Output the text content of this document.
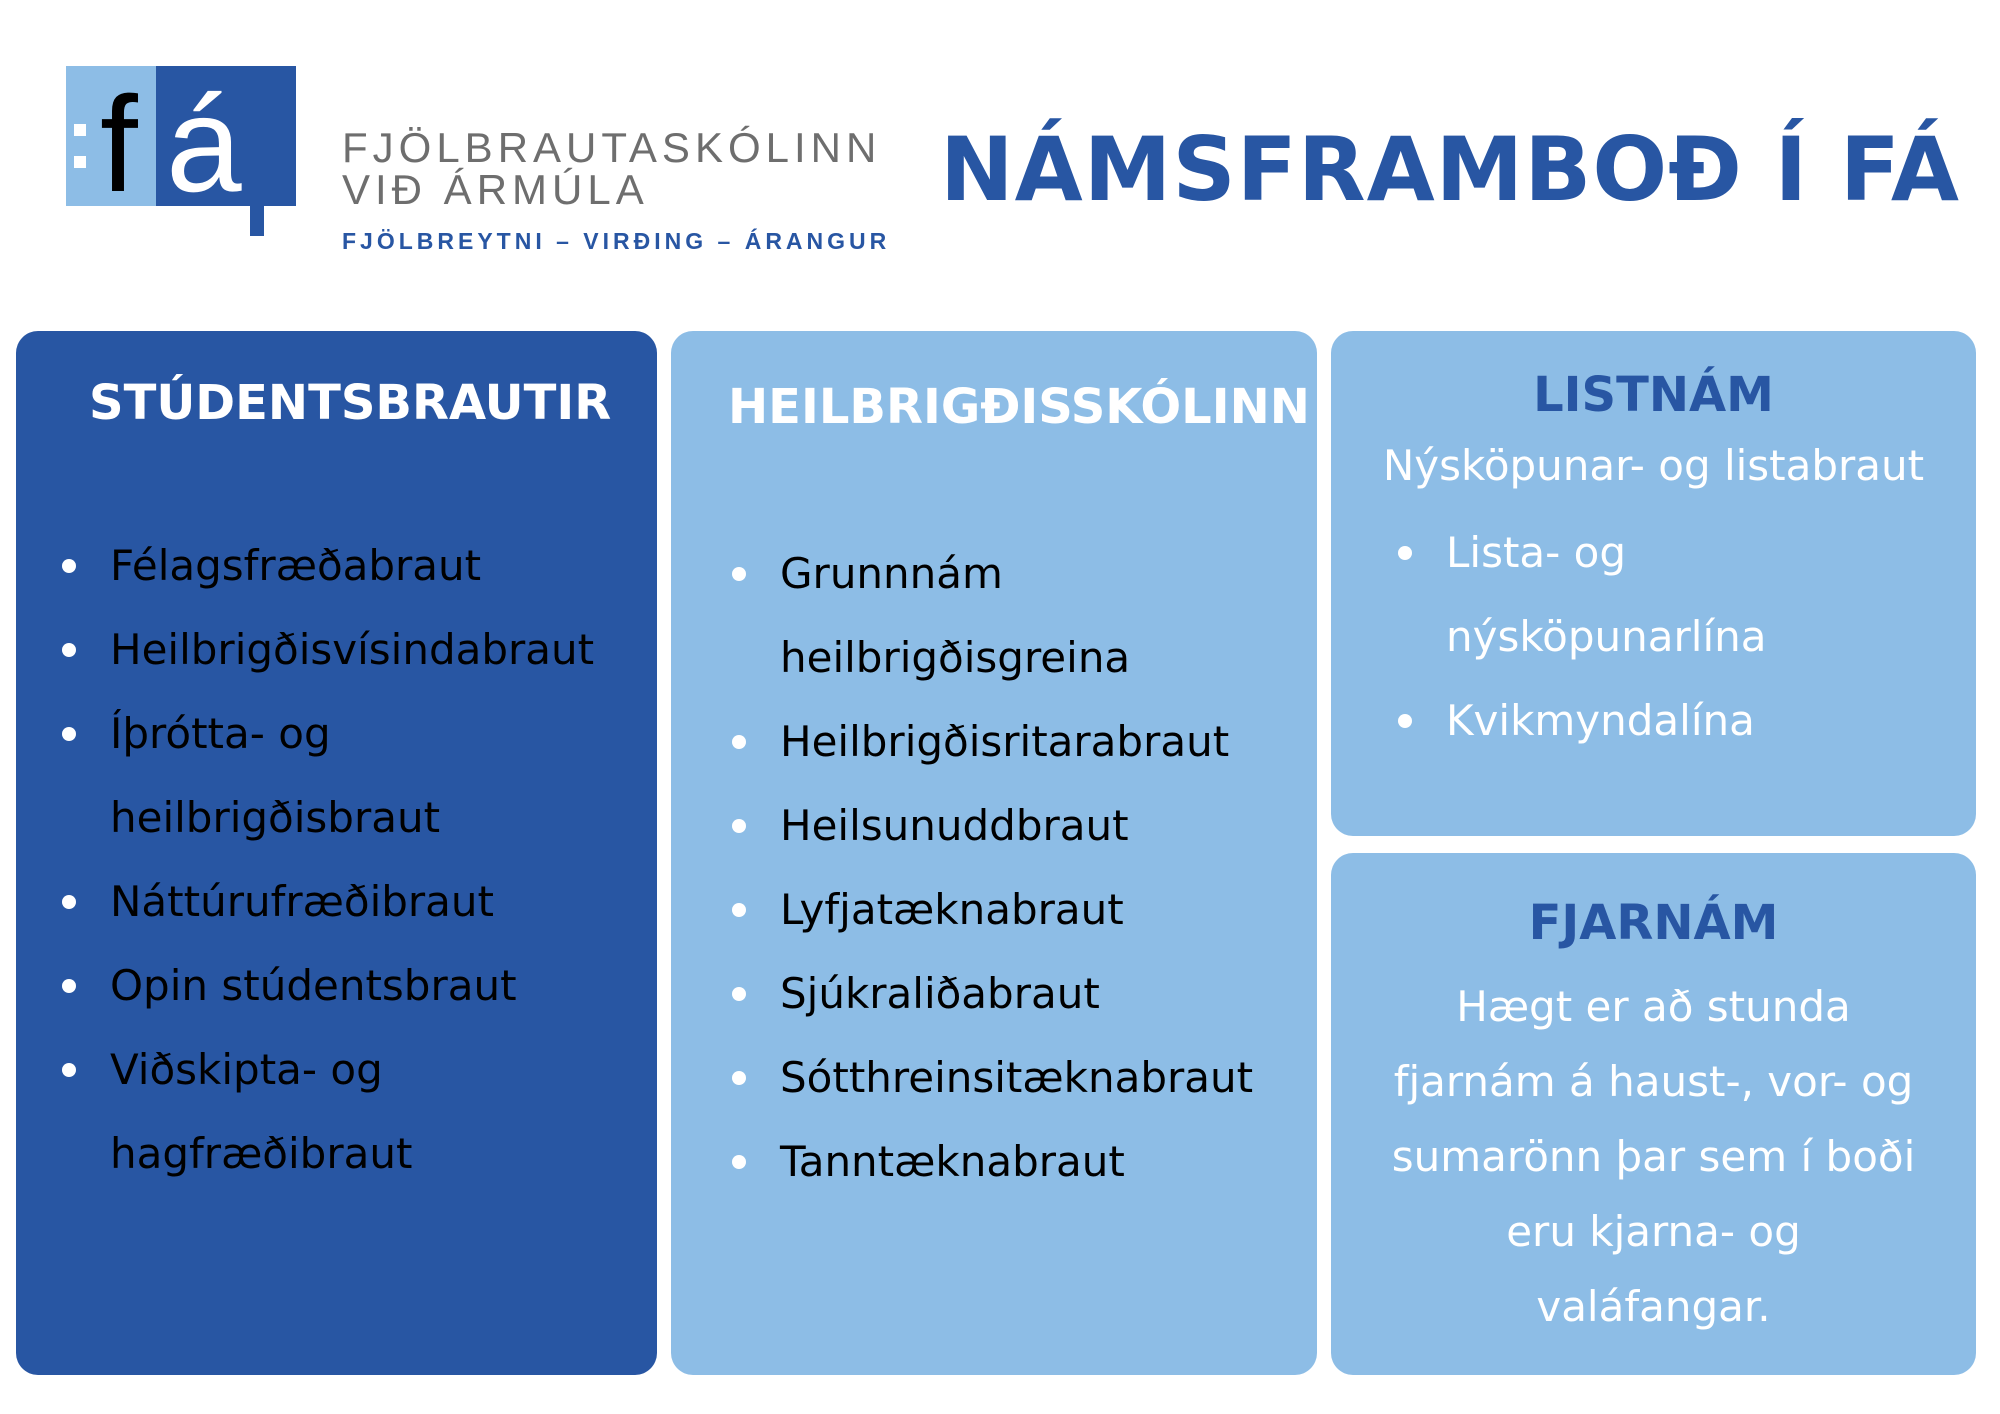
f á FJÖLBRAUTASKÓLINN
VIÐ ÁRMÚLA
FJÖLBREYTNI – VIRÐING – ÁRANGUR
NÁMSFRAMBOÐ Í FÁ
STÚDENTSBRAUTIR
Félagsfræðabraut
Heilbrigðisvísindabraut
Íþrótta- og heilbrigðisbraut
Náttúrufræðibraut
Opin stúdentsbraut
Viðskipta- og hagfræðibraut
HEILBRIGÐISSKÓLINN
Grunnnám heilbrigðisgreina
Heilbrigðisritarabraut
Heilsunuddbraut
Lyfjatæknabraut
Sjúkraliðabraut
Sótthreinsitæknabraut
Tanntæknabraut
LISTNÁM
Nýsköpunar- og listabraut
Lista- og nýsköpunarlína
Kvikmyndalína
FJARNÁM
Hægt er að stunda fjarnám á haust-, vor- og sumarönn þar sem í boði eru kjarna- og valáfangar.
